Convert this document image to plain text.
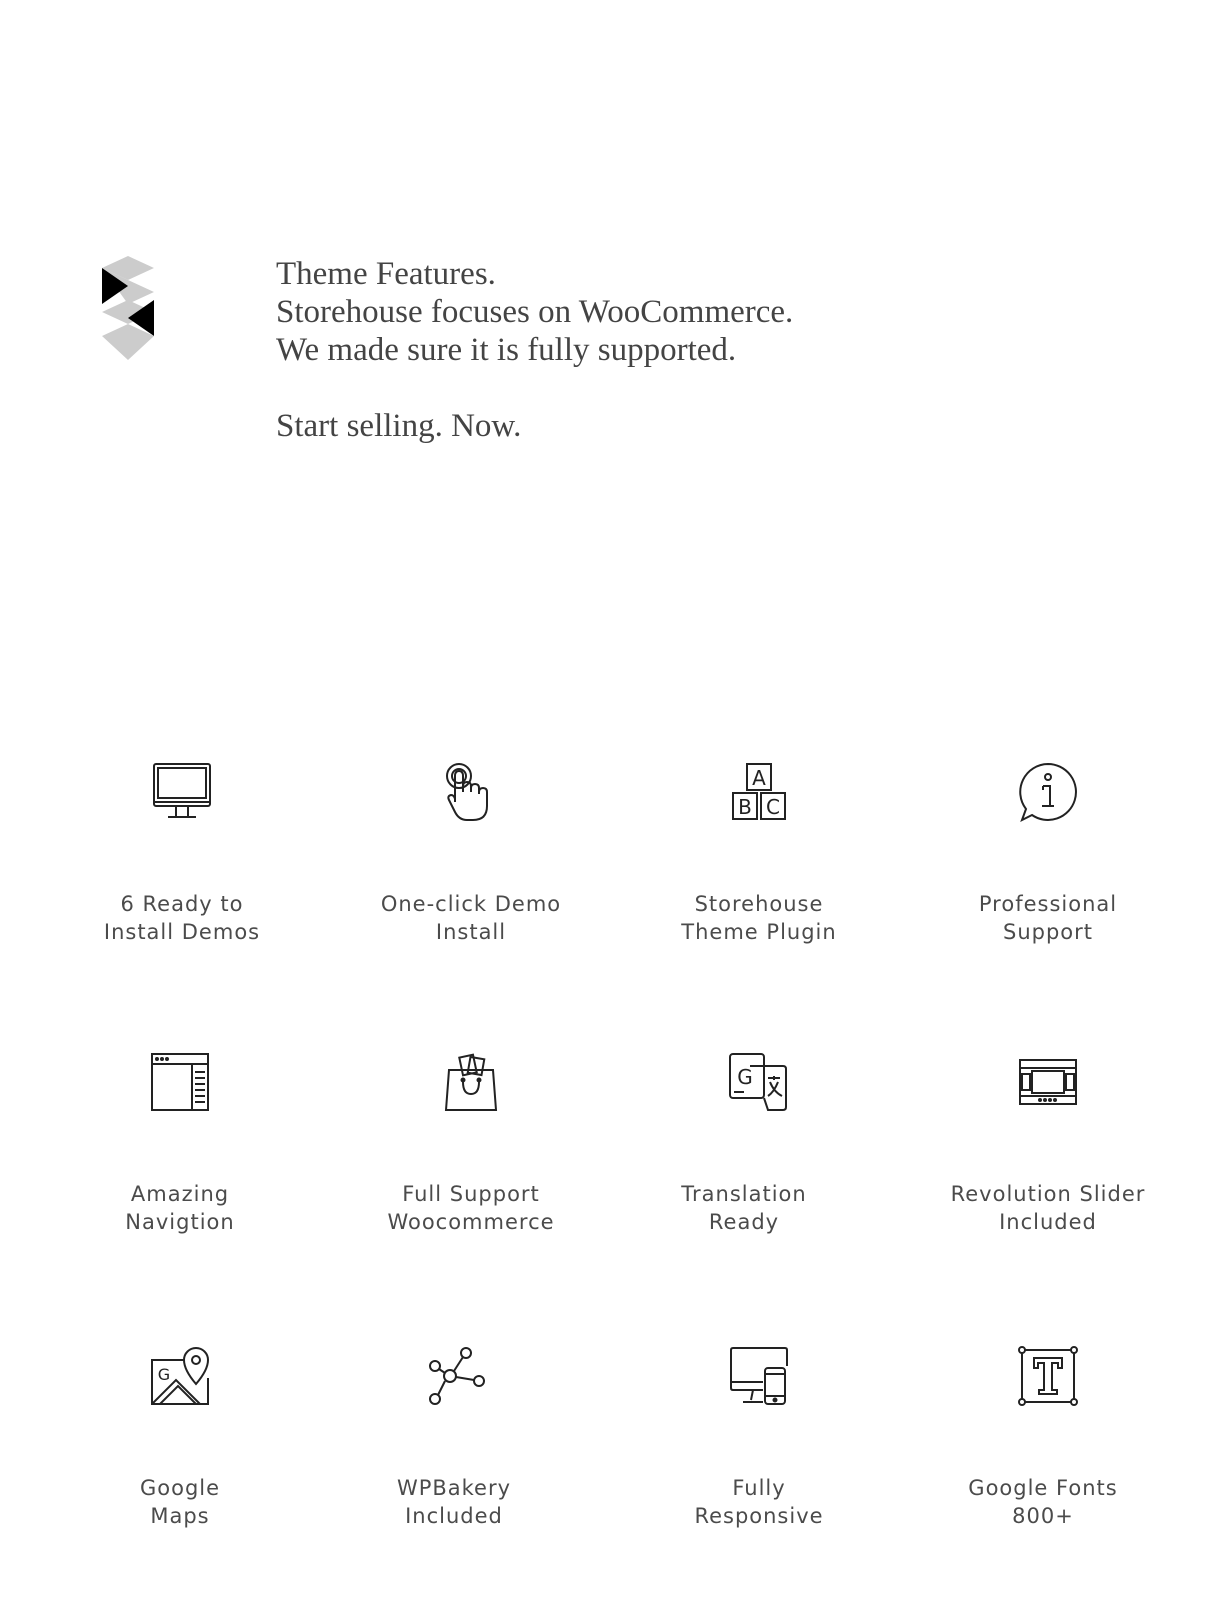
Theme Features.
Storehouse focuses on WooCommerce.
We made sure it is fully supported.
Start selling. Now.

6 Ready to
Install Demos
One-click Demo
Install
A
B C
Storehouse
Theme Plugin
Professional
Support
Amazing
Navigtion
Full Support
Woocommerce
G
Translation
Ready
Revolution Slider
Included
G
Google
Maps
WPBakery
Included
Fully
Responsive
Google Fonts
800+
